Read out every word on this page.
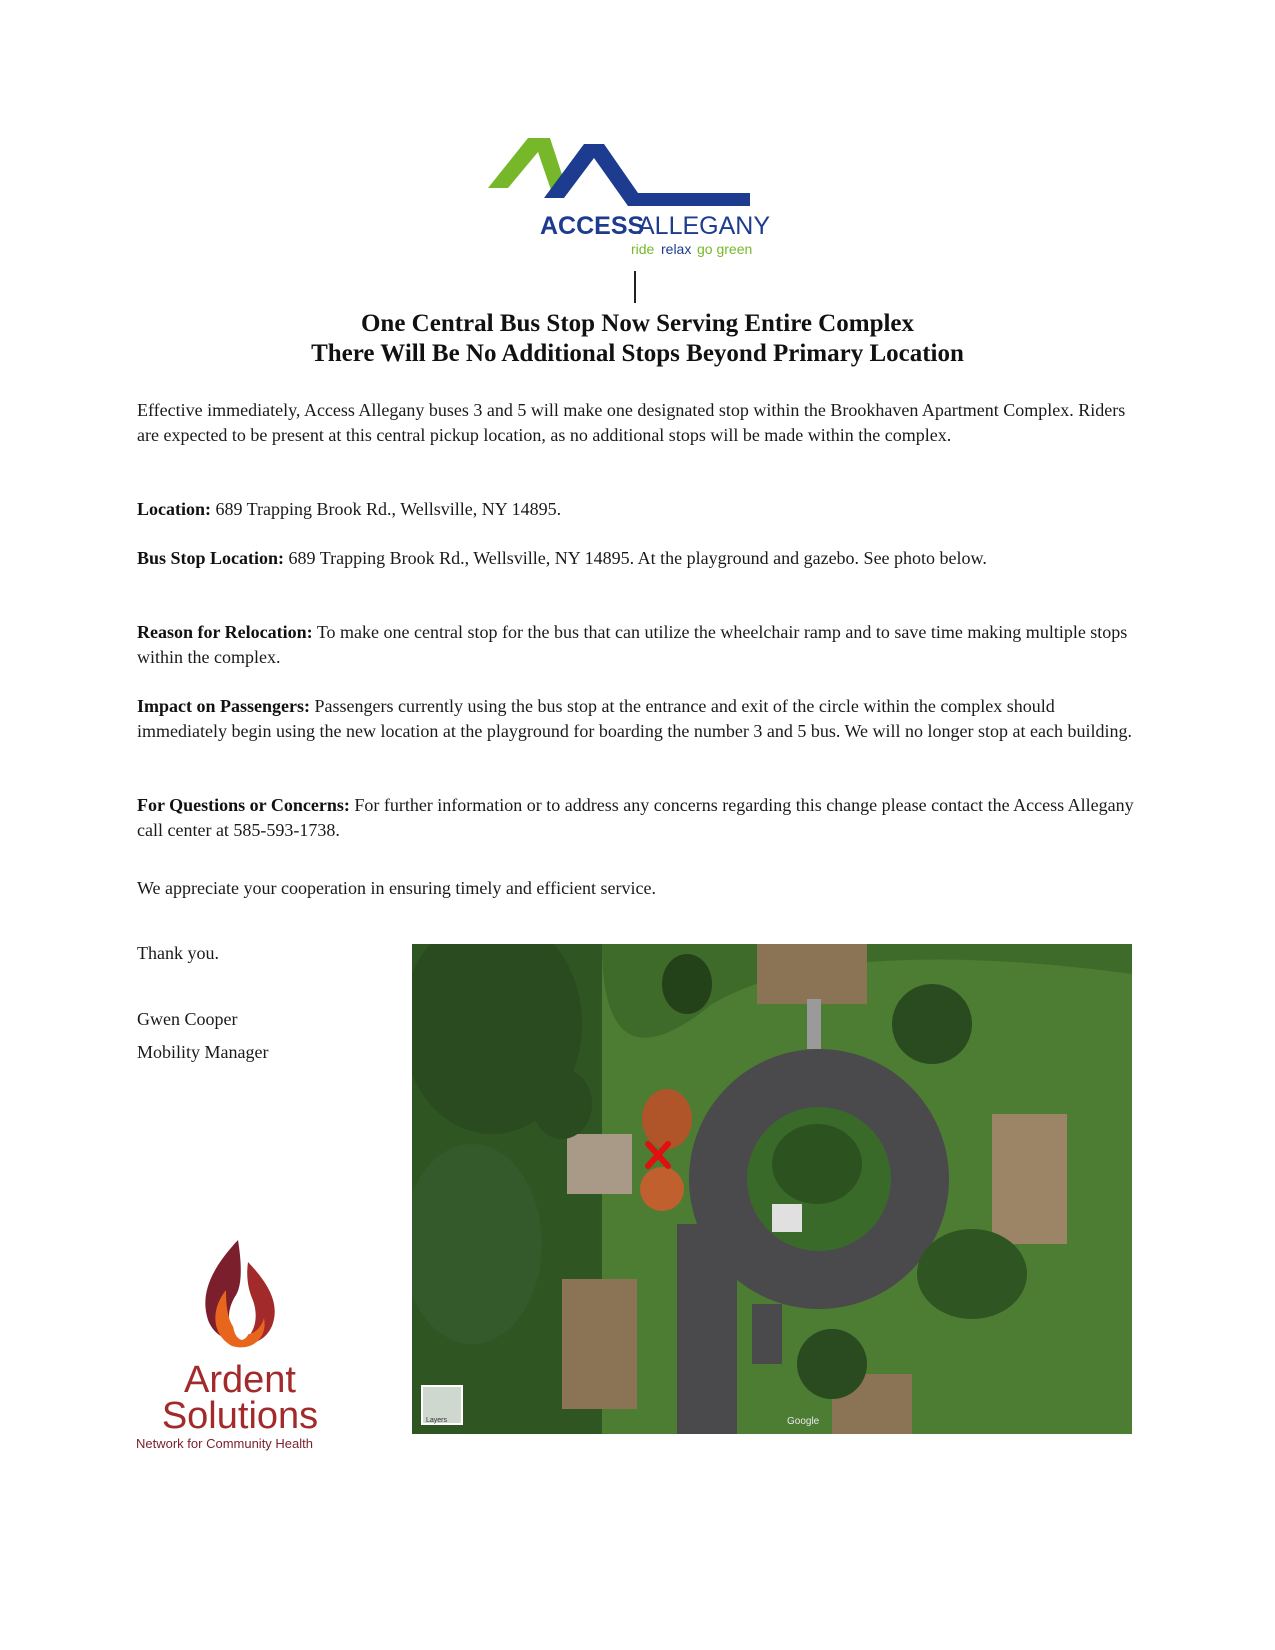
ACCESS
ALLEGANY
ride relax go green
One Central Bus Stop Now Serving Entire Complex
There Will Be No Additional Stops Beyond Primary Location
Effective immediately, Access Allegany buses 3 and 5 will make one designated stop within the Brookhaven Apartment Complex. Riders are expected to be present at this central pickup location, as no additional stops will be made within the complex.
Location: 689 Trapping Brook Rd., Wellsville, NY 14895.
Bus Stop Location: 689 Trapping Brook Rd., Wellsville, NY 14895. At the playground and gazebo. See photo below.
Reason for Relocation: To make one central stop for the bus that can utilize the wheelchair ramp and to save time making multiple stops within the complex.
Impact on Passengers: Passengers currently using the bus stop at the entrance and exit of the circle within the complex should immediately begin using the new location at the playground for boarding the number 3 and 5 bus. We will no longer stop at each building.
For Questions or Concerns: For further information or to address any concerns regarding this change please contact the Access Allegany call center at 585-593-1738.
We appreciate your cooperation in ensuring timely and efficient service.
Thank you.
Gwen Cooper
Mobility Manager
Ardent
Solutions
Network for Community Health
Layers	Google
